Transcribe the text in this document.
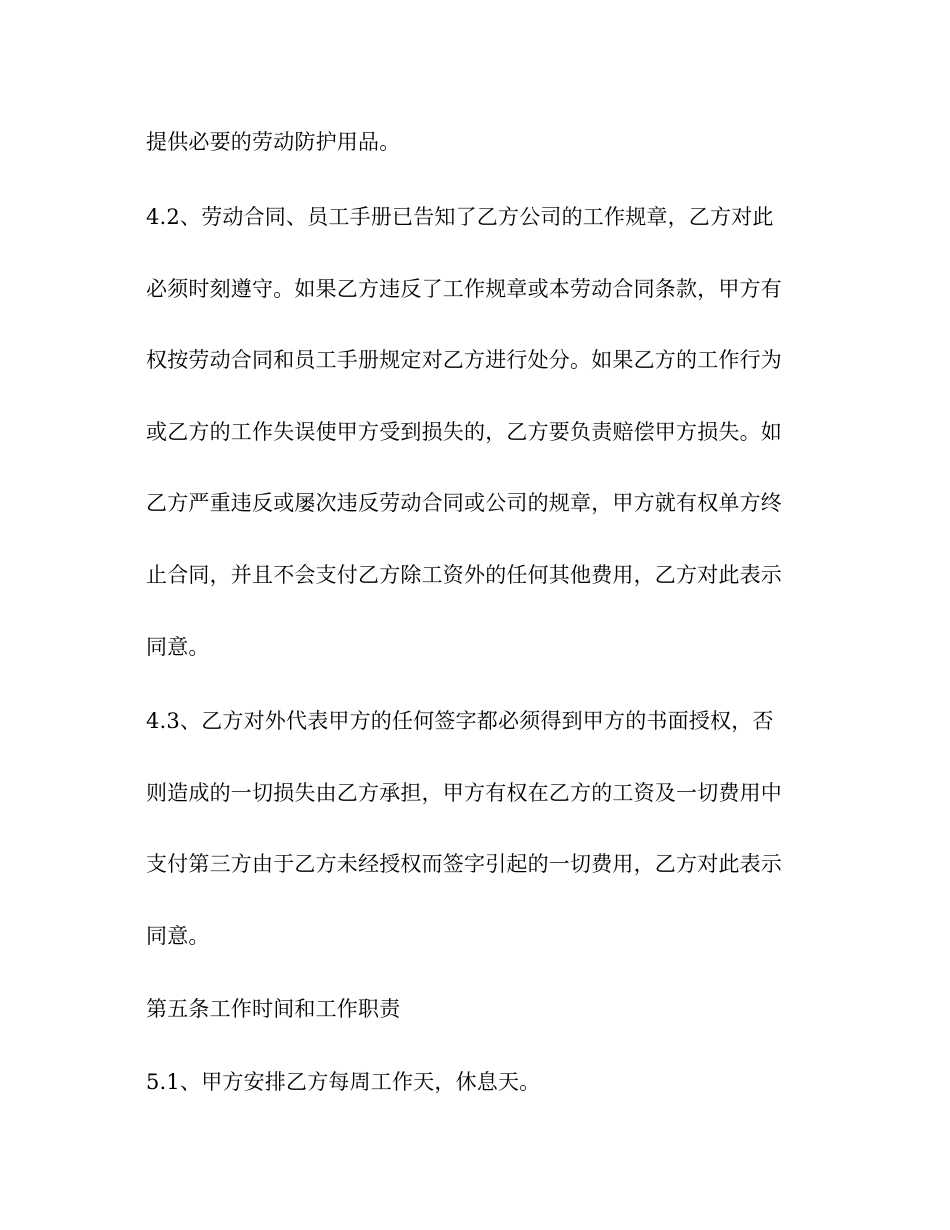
提供必要的劳动防护用品。

4.2、劳动合同、员工手册已告知了乙方公司的工作规章，乙方对此

必须时刻遵守。如果乙方违反了工作规章或本劳动合同条款，甲方有

权按劳动合同和员工手册规定对乙方进行处分。如果乙方的工作行为

或乙方的工作失误使甲方受到损失的，乙方要负责赔偿甲方损失。如

乙方严重违反或屡次违反劳动合同或公司的规章，甲方就有权单方终

止合同，并且不会支付乙方除工资外的任何其他费用，乙方对此表示

同意。

4.3、乙方对外代表甲方的任何签字都必须得到甲方的书面授权，否

则造成的一切损失由乙方承担，甲方有权在乙方的工资及一切费用中

支付第三方由于乙方未经授权而签字引起的一切费用，乙方对此表示

同意。

第五条工作时间和工作职责

5.1、甲方安排乙方每周工作天，休息天。
